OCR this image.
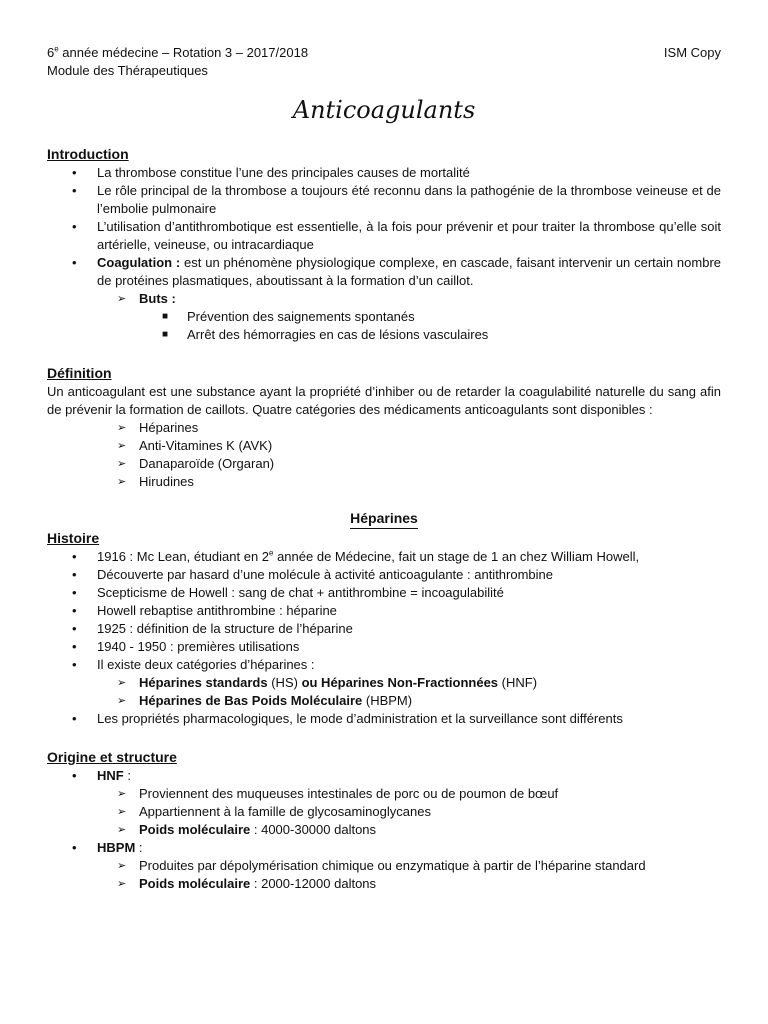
6e année médecine – Rotation 3 – 2017/2018
Module des Thérapeutiques
ISM Copy
Anticoagulants
Introduction
• La thrombose constitue l’une des principales causes de mortalité
• Le rôle principal de la thrombose a toujours été reconnu dans la pathogénie de la thrombose veineuse et de l’embolie pulmonaire
• L’utilisation d’antithrombotique est essentielle, à la fois pour prévenir et pour traiter la thrombose qu’elle soit artérielle, veineuse, ou intracardiaque
• Coagulation : est un phénomène physiologique complexe, en cascade, faisant intervenir un certain nombre de protéines plasmatiques, aboutissant à la formation d’un caillot.
➢ Buts :
■ Prévention des saignements spontanés
■ Arrêt des hémorragies en cas de lésions vasculaires
Définition

Un anticoagulant est une substance ayant la propriété d’inhiber ou de retarder la coagulabilité naturelle du sang afin de prévenir la formation de caillots. Quatre catégories des médicaments anticoagulants sont disponibles :

➢ Héparines
➢ Anti-Vitamines K (AVK)
➢ Danaparoïde (Orgaran)
➢ Hirudines
Héparines
Histoire
• 1916 : Mc Lean, étudiant en 2e année de Médecine, fait un stage de 1 an chez William Howell,
• Découverte par hasard d’une molécule à activité anticoagulante : antithrombine
• Scepticisme de Howell : sang de chat + antithrombine = incoagulabilité
• Howell rebaptise antithrombine : héparine
• 1925 : définition de la structure de l’héparine
• 1940 - 1950 : premières utilisations
• Il existe deux catégories d’héparines :
➢ Héparines standards (HS) ou Héparines Non-Fractionnées (HNF)
➢ Héparines de Bas Poids Moléculaire (HBPM)
• Les propriétés pharmacologiques, le mode d’administration et la surveillance sont différents
Origine et structure
• HNF :
➢ Proviennent des muqueuses intestinales de porc ou de poumon de bœuf
➢ Appartiennent à la famille de glycosaminoglycanes
➢ Poids moléculaire : 4000-30000 daltons
• HBPM :
➢ Produites par dépolymérisation chimique ou enzymatique à partir de l’héparine standard
➢ Poids moléculaire : 2000-12000 daltons
